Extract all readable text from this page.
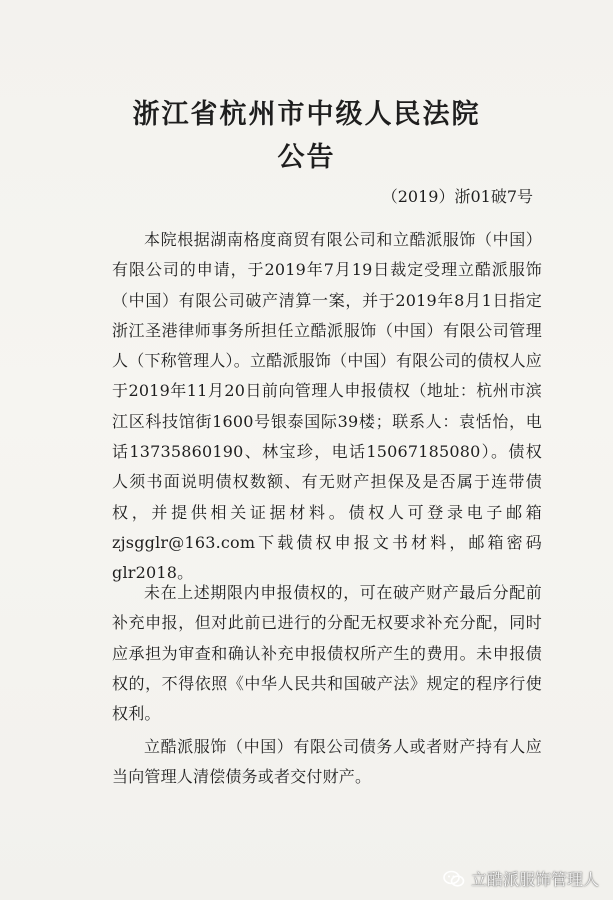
浙江省杭州市中级人民法院
公告
（2019）浙01破7号

本院根据湖南格度商贸有限公司和立酷派服饰（中国）有限公司的申请，于2019年7月19日裁定受理立酷派服饰（中国）有限公司破产清算一案，并于2019年8月1日指定浙江圣港律师事务所担任立酷派服饰（中国）有限公司管理人（下称管理人）。立酷派服饰（中国）有限公司的债权人应于2019年11月20日前向管理人申报债权（地址：杭州市滨江区科技馆街1600号银泰国际39楼；联系人：袁恬怡，电话13735860190、林宝珍，电话15067185080）。债权人须书面说明债权数额、有无财产担保及是否属于连带债权，并提供相关证据材料。债权人可登录电子邮箱zjsgglr@163.com下载债权申报文书材料，邮箱密码glr2018。

未在上述期限内申报债权的，可在破产财产最后分配前补充申报，但对此前已进行的分配无权要求补充分配，同时应承担为审查和确认补充申报债权所产生的费用。未申报债权的，不得依照《中华人民共和国破产法》规定的程序行使权利。

立酷派服饰（中国）有限公司债务人或者财产持有人应当向管理人清偿债务或者交付财产。

立酷派服饰管理人
